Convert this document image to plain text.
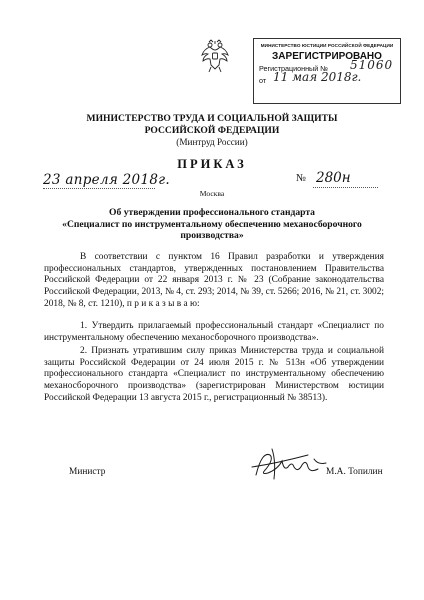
МИНИСТЕРСТВО ЮСТИЦИИ РОССИЙСКОЙ ФЕДЕРАЦИИ
ЗАРЕГИСТРИРОВАНО
Регистрационный № 51060
от 11 мая 2018г.
МИНИСТЕРСТВО ТРУДА И СОЦИАЛЬНОЙ ЗАЩИТЫ
РОССИЙСКОЙ ФЕДЕРАЦИИ
(Минтруд России)
ПРИКАЗ
23 апреля 2018г.	№ 280н
Москва
Об утверждении профессионального стандарта
«Специалист по инструментальному обеспечению механосборочного
производства»
В соответствии с пунктом 16 Правил разработки и утверждения профессиональных стандартов, утвержденных постановлением Правительства Российской Федерации от 22 января 2013 г. № 23 (Собрание законодательства Российской Федерации, 2013, № 4, ст. 293; 2014, № 39, ст. 5266; 2016, № 21, ст. 3002; 2018, № 8, ст. 1210), п р и к а з ы в а ю:
1. Утвердить прилагаемый профессиональный стандарт «Специалист по инструментальному обеспечению механосборочного производства».
2. Признать утратившим силу приказ Министерства труда и социальной защиты Российской Федерации от 24 июля 2015 г. № 513н «Об утверждении профессионального стандарта «Специалист по инструментальному обеспечению механосборочного производства» (зарегистрирован Министерством юстиции Российской Федерации 13 августа 2015 г., регистрационный № 38513).
Министр	М.А. Топилин
